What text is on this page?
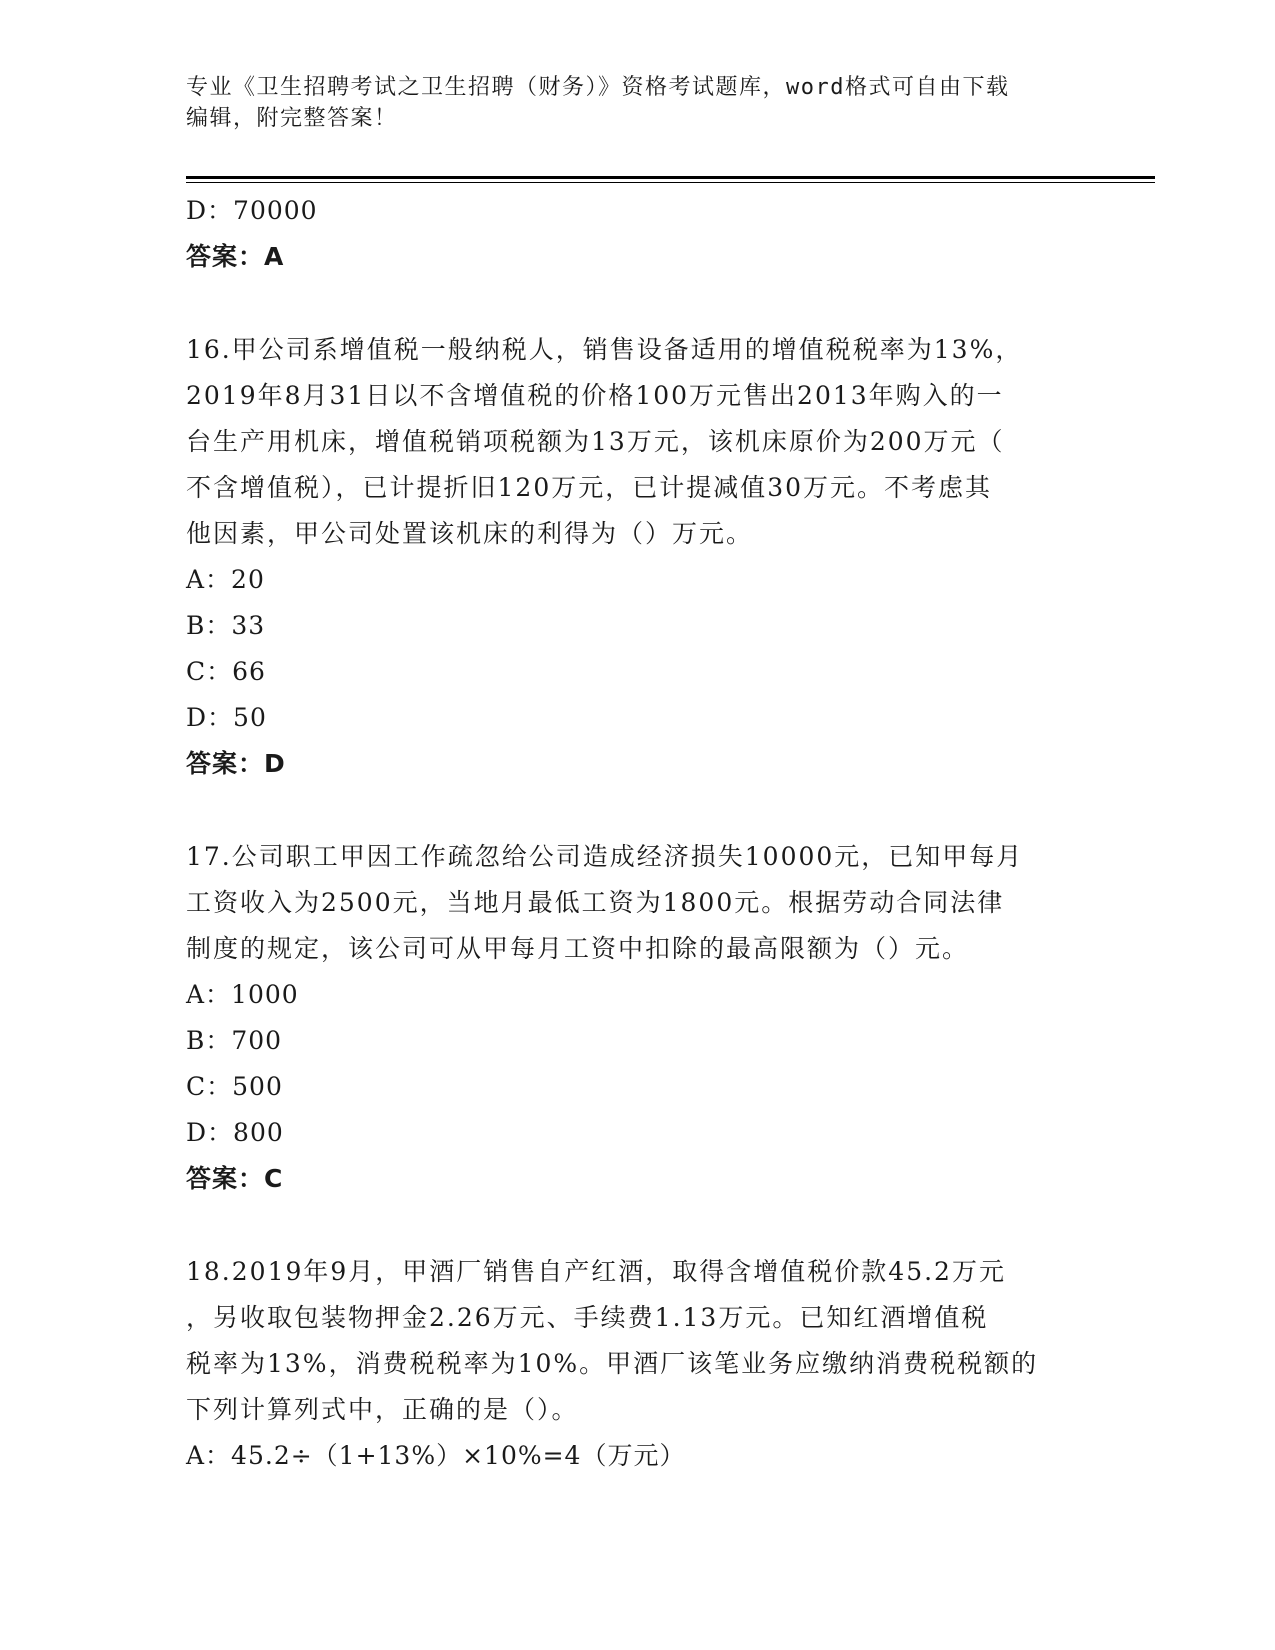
专业《卫生招聘考试之卫生招聘（财务）》资格考试题库，word格式可自由下载
编辑，附完整答案！
D：70000
答案：A
16.甲公司系增值税一般纳税人，销售设备适用的增值税税率为13%，
2019年8月31日以不含增值税的价格100万元售出2013年购入的一
台生产用机床，增值税销项税额为13万元，该机床原价为200万元（
不含增值税），已计提折旧120万元，已计提减值30万元。不考虑其
他因素，甲公司处置该机床的利得为（）万元。
A：20
B：33
C：66
D：50
答案：D
17.公司职工甲因工作疏忽给公司造成经济损失10000元，已知甲每月
工资收入为2500元，当地月最低工资为1800元。根据劳动合同法律
制度的规定，该公司可从甲每月工资中扣除的最高限额为（）元。
A：1000
B：700
C：500
D：800
答案：C
18.2019年9月，甲酒厂销售自产红酒，取得含增值税价款45.2万元
，另收取包装物押金2.26万元、手续费1.13万元。已知红酒增值税
税率为13%，消费税税率为10%。甲酒厂该笔业务应缴纳消费税税额的
下列计算列式中，正确的是（）。
A：45.2÷（1+13%）×10%=4（万元）
